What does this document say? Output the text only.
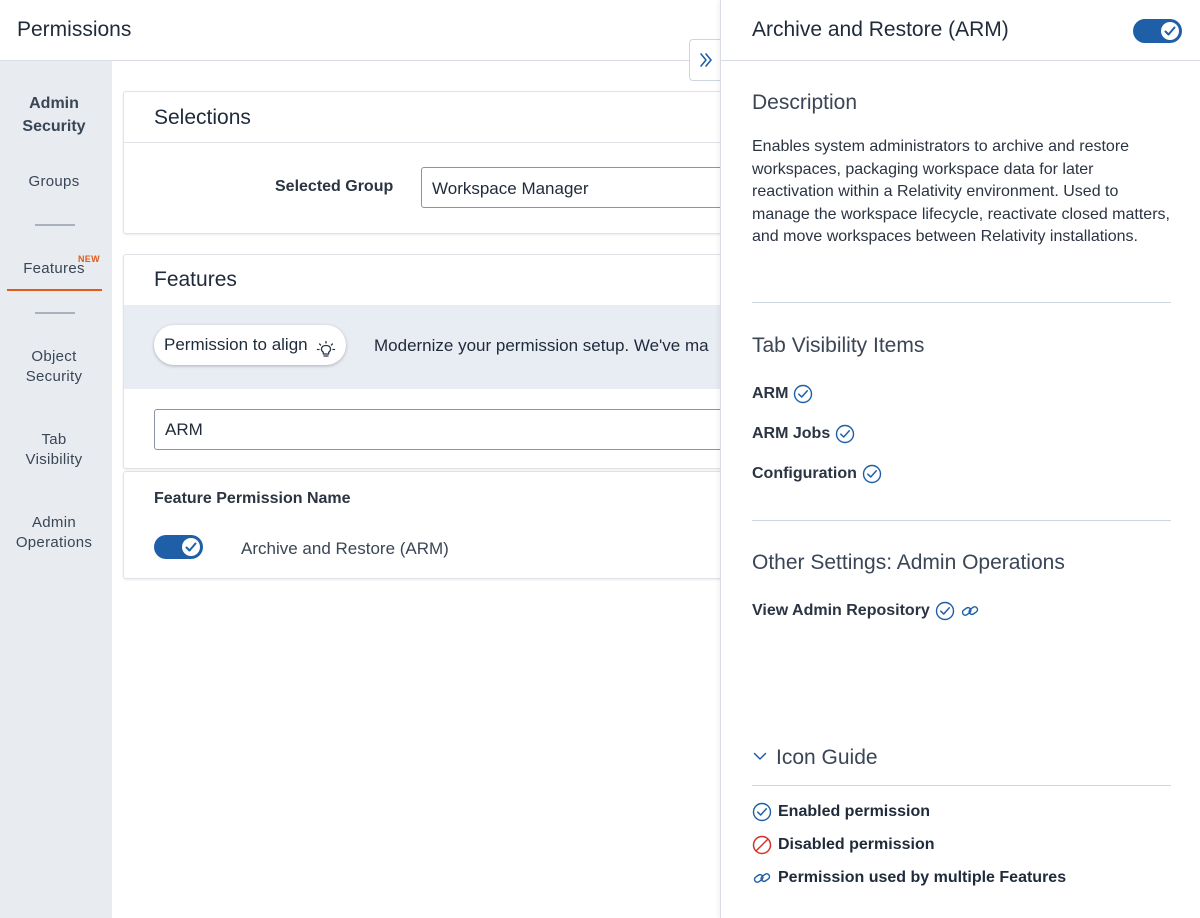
Permissions
Admin Security
Groups
Features
NEW
Object Security
Tab Visibility
Admin Operations
Selections
Selected Group	Workspace Manager
Features
Permission to align	Modernize your permission setup. We've ma
ARM
Feature Permission Name
Archive and Restore (ARM)
Archive and Restore (ARM)
Description
Enables system administrators to archive and restore workspaces, packaging workspace data for later reactivation within a Relativity environment. Used to manage the workspace lifecycle, reactivate closed matters, and move workspaces between Relativity installations.
Tab Visibility Items
ARM
ARM Jobs
Configuration
Other Settings: Admin Operations
View Admin Repository
Icon Guide
Enabled permission
Disabled permission
Permission used by multiple Features
